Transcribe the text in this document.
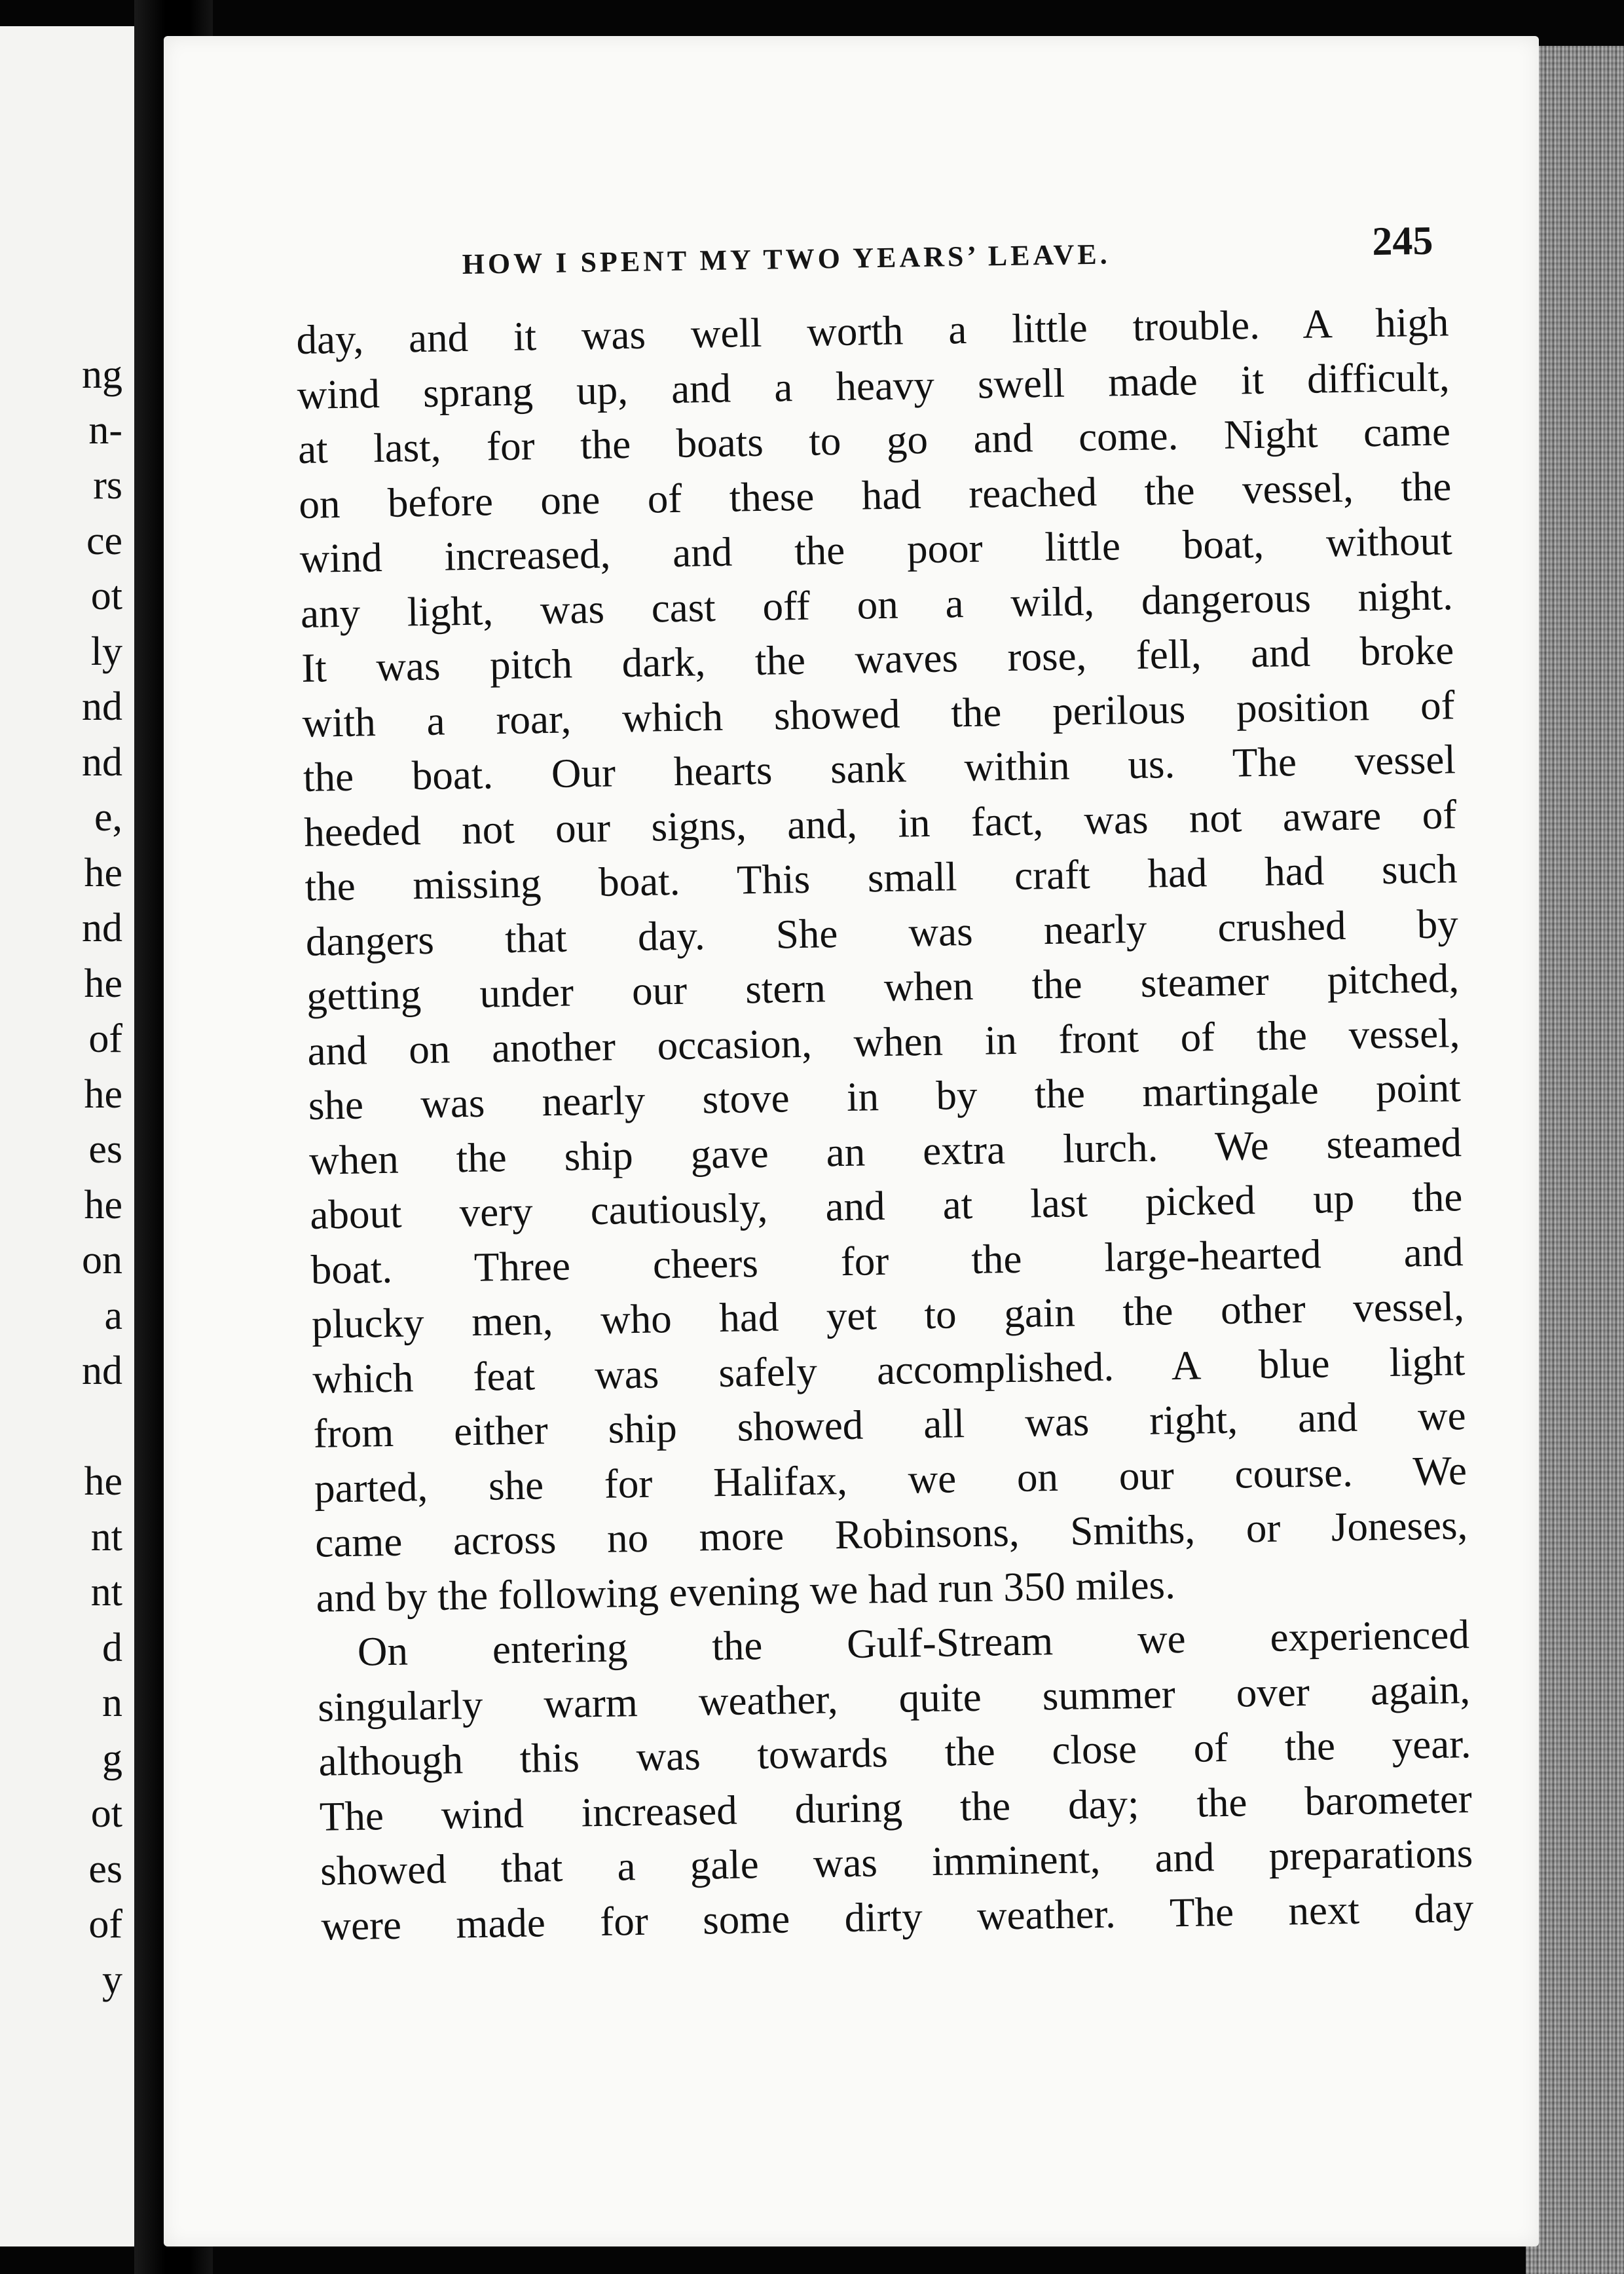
ng
n-
rs
ce
ot
ly
nd
nd
e,
he
nd
he
of
he
es
he
on
a
nd
he
nt
nt
d
n
g
ot
es
of
y
HOW I SPENT MY TWO YEARS’ LEAVE.	245
day, and it was well worth a little trouble. A high
wind sprang up, and a heavy swell made it difficult,
at last, for the boats to go and come. Night came
on before one of these had reached the vessel, the
wind increased, and the poor little boat, without
any light, was cast off on a wild, dangerous night.
It was pitch dark, the waves rose, fell, and broke
with a roar, which showed the perilous position of
the boat. Our hearts sank within us. The vessel
heeded not our signs, and, in fact, was not aware of
the missing boat. This small craft had had such
dangers that day. She was nearly crushed by
getting under our stern when the steamer pitched,
and on another occasion, when in front of the vessel,
she was nearly stove in by the martingale point
when the ship gave an extra lurch. We steamed
about very cautiously, and at last picked up the
boat. Three cheers for the large-hearted and
plucky men, who had yet to gain the other vessel,
which feat was safely accomplished. A blue light
from either ship showed all was right, and we
parted, she for Halifax, we on our course. We
came across no more Robinsons, Smiths, or Joneses,
and by the following evening we had run 350 miles.
On entering the Gulf-Stream we experienced
singularly warm weather, quite summer over again,
although this was towards the close of the year.
The wind increased during the day; the barometer
showed that a gale was imminent, and preparations
were made for some dirty weather. The next day
